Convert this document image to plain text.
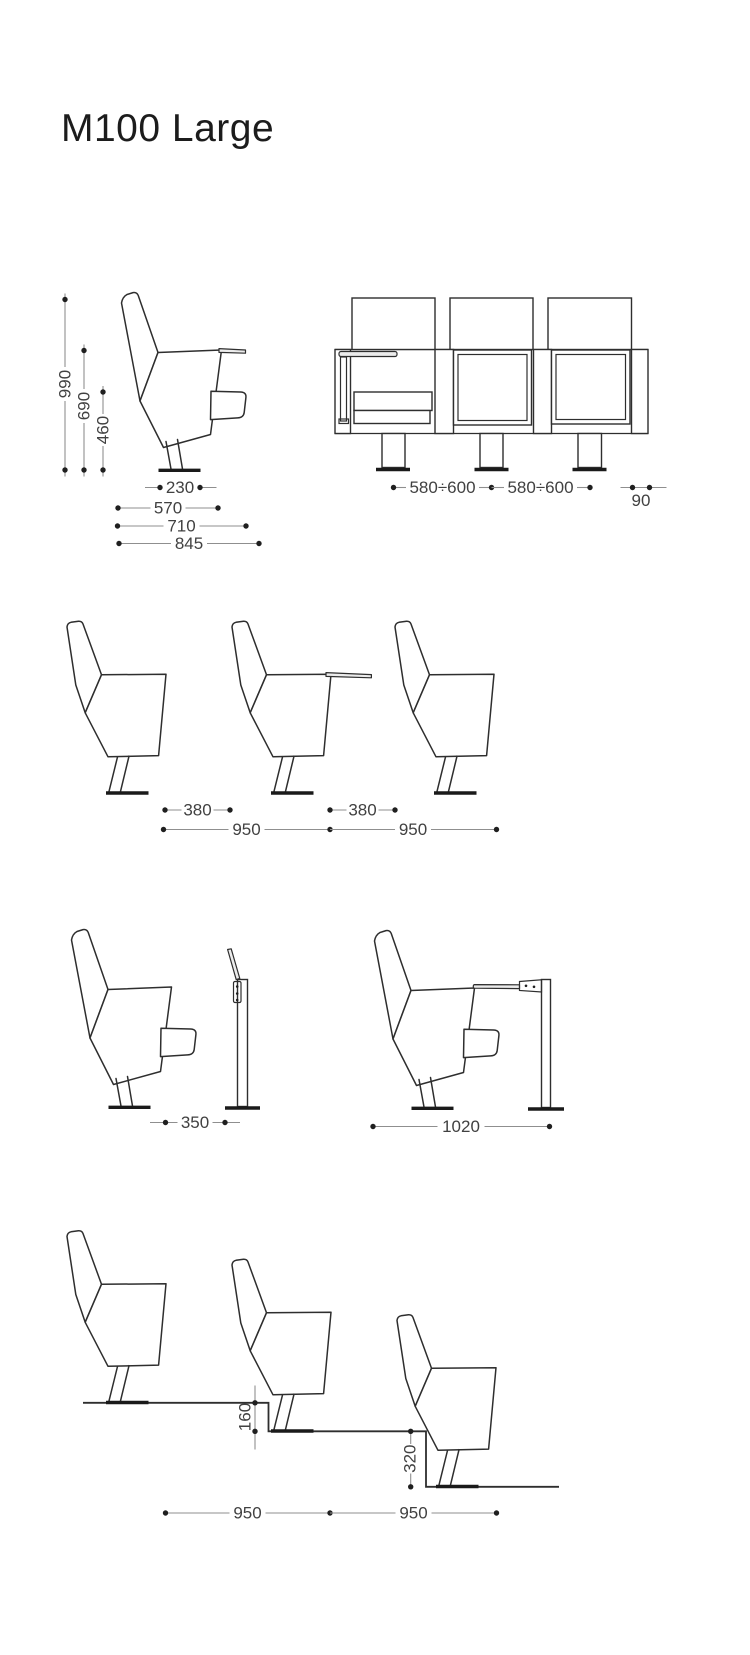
M100 Large
990
690
460
230
570
710
845
580÷600 580÷600
90
380	380
950	950
350	1020
160
320
950	950
